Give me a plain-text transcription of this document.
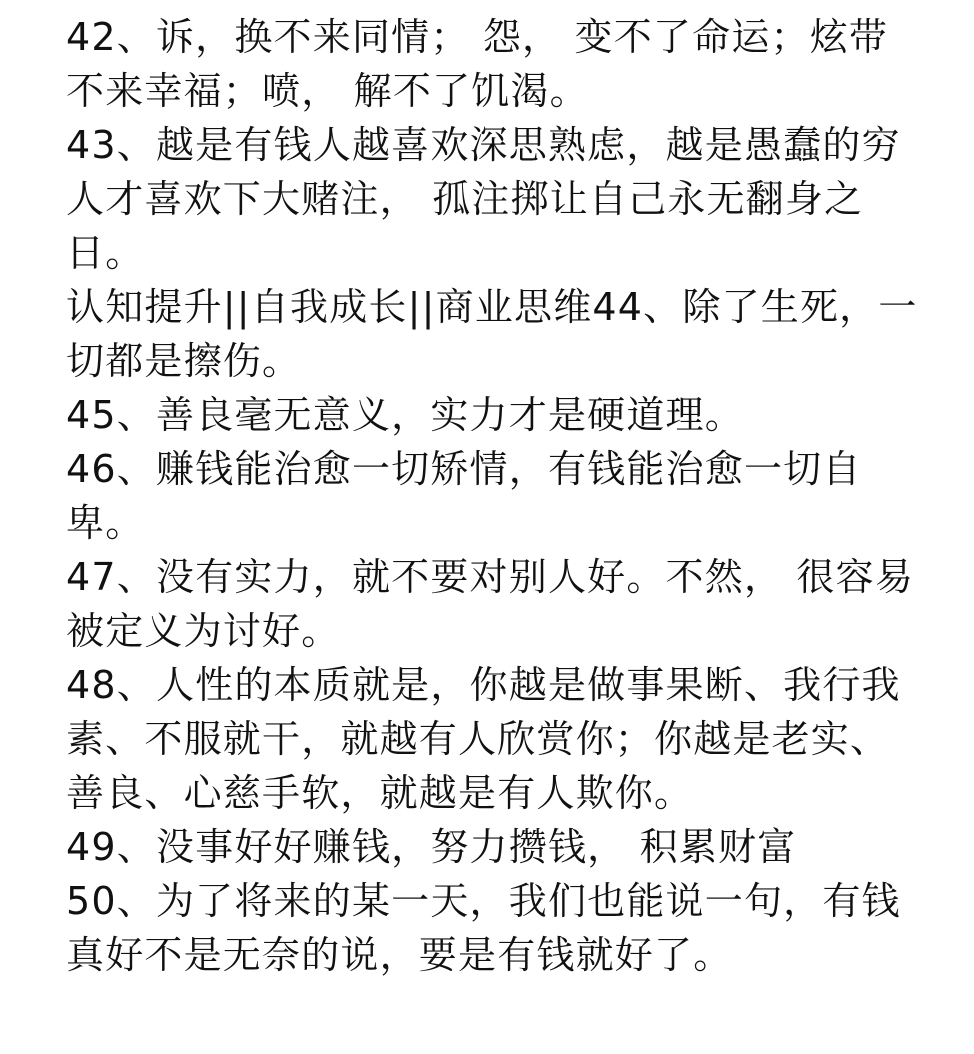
42、诉，换不来同情； 怨， 变不了命运；炫带
不来幸福；喷， 解不了饥渴。

43、越是有钱人越喜欢深思熟虑，越是愚蠢的穷
人才喜欢下大赌注， 孤注掷让自己永无翻身之
日。

认知提升||自我成长||商业思维44、除了生死，一
切都是擦伤。

45、善良毫无意义，实力才是硬道理。

46、赚钱能治愈一切矫情，有钱能治愈一切自
卑。

47、没有实力，就不要对别人好。不然， 很容易
被定义为讨好。

48、人性的本质就是，你越是做事果断、我行我
素、不服就干，就越有人欣赏你；你越是老实、
善良、心慈手软，就越是有人欺你。

49、没事好好赚钱，努力攒钱， 积累财富

50、为了将来的某一天，我们也能说一句，有钱
真好不是无奈的说，要是有钱就好了。
